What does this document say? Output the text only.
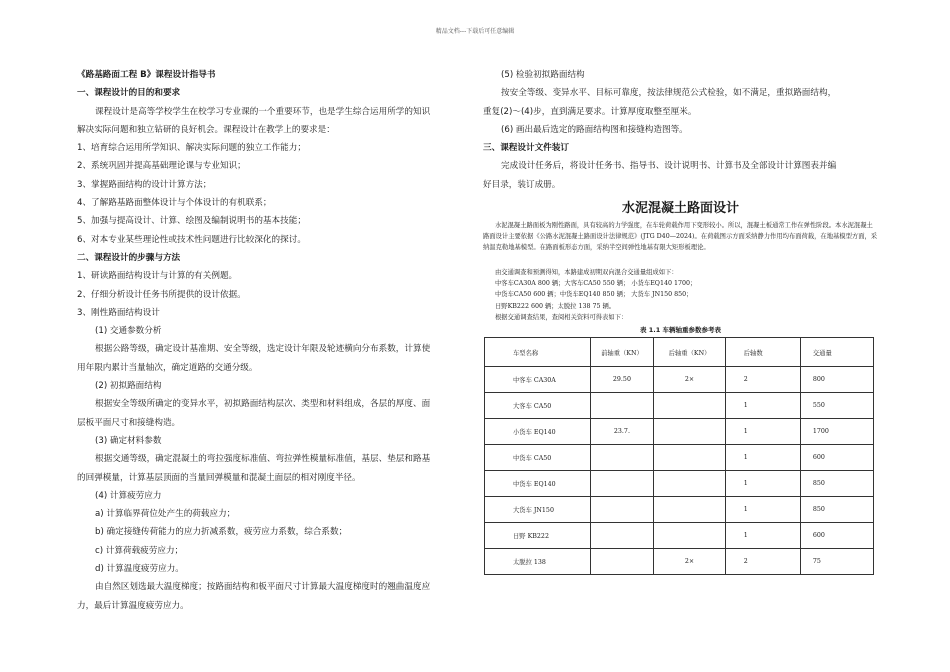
精品文档---下载后可任意编辑
《路基路面工程 B》课程设计指导书
一、课程设计的目的和要求
课程设计是高等学校学生在校学习专业课的一个重要环节，也是学生综合运用所学的知识
解决实际问题和独立钻研的良好机会。课程设计在教学上的要求是：
1、培育综合运用所学知识、解决实际问题的独立工作能力；
2、系统巩固并提高基础理论课与专业知识；
3、掌握路面结构的设计计算方法；
4、了解路基路面整体设计与个体设计的有机联系；
5、加强与提高设计、计算、绘图及编制说明书的基本技能；
6、对本专业某些理论性或技术性问题进行比较深化的探讨。
二、课程设计的步骤与方法
1、研读路面结构设计与计算的有关例题。
2、仔细分析设计任务书所提供的设计依据。
3、刚性路面结构设计
(1) 交通参数分析
根据公路等级，确定设计基准期、安全等级，选定设计年限及轮迹横向分布系数，计算使
用年限内累计当量轴次，确定道路的交通分级。
(2) 初拟路面结构
根据安全等级所确定的变异水平，初拟路面结构层次、类型和材料组成，各层的厚度、面
层板平面尺寸和接缝构造。
(3) 确定材料参数
根据交通等级，确定混凝土的弯拉强度标准值、弯拉弹性模量标准值，基层、垫层和路基
的回弹模量，计算基层顶面的当量回弹模量和混凝土面层的相对刚度半径。
(4) 计算疲劳应力
a) 计算临界荷位处产生的荷载应力；
b) 确定接缝传荷能力的应力折减系数，疲劳应力系数，综合系数；
c) 计算荷载疲劳应力；
d) 计算温度疲劳应力。
由自然区划选最大温度梯度；按路面结构和板平面尺寸计算最大温度梯度时的翘曲温度应
力，最后计算温度疲劳应力。
(5) 检验初拟路面结构
按安全等级、变异水平、目标可靠度，按法律规范公式检验，如不满足，重拟路面结构，
重复(2)～(4)步，直到满足要求。计算厚度取整至厘米。
(6) 画出最后选定的路面结构图和接缝构造图等。
三、课程设计文件装订
完成设计任务后，将设计任务书、指导书、设计说明书、计算书及全部设计计算图表并编
好目录，装订成册。
水泥混凝土路面设计
水泥混凝土路面板为刚性路面，具有较高的力学强度，在车轮荷载作用下变形较小。所以，混凝土板通常工作在弹性阶段。本水泥混凝土路面设计主要依据《公路水泥混凝土路面设计法律规范》(JTG D40—2024)。在荷载图示方面采纳静力作用均布面荷载，在地基模型方面，采纳温克勒地基模型。在路面板形态方面，采纳半空间弹性地基有限大矩形板理论。
由交通调查和预测得知，本路建成初期双向混合交通量组成如下：
中客车CA30A 800 辆；大客车CA50 550 辆； 小货车EQ140 1700；
中货车CA50 600 辆；中货车EQ140 850 辆； 大货车 JN150 850；
日野KB222 600 辆；太脱拉 138 75 辆。
根据交通调查结果，查阅相关资料可得表如下：
表 1.1 车辆轴重参数参考表
车型名称	前轴重（KN）	后轴重（KN）	后轴数	交通量
中客车 CA30A	29.50	2×	2	800
大客车 CA50			1	550
小货车 EQ140	23.7.		1	1700
中货车 CA50			1	600
中货车 EQ140			1	850
大货车 JN150			1	850
日野 KB222			1	600
太脱拉 138		2×	2	75
